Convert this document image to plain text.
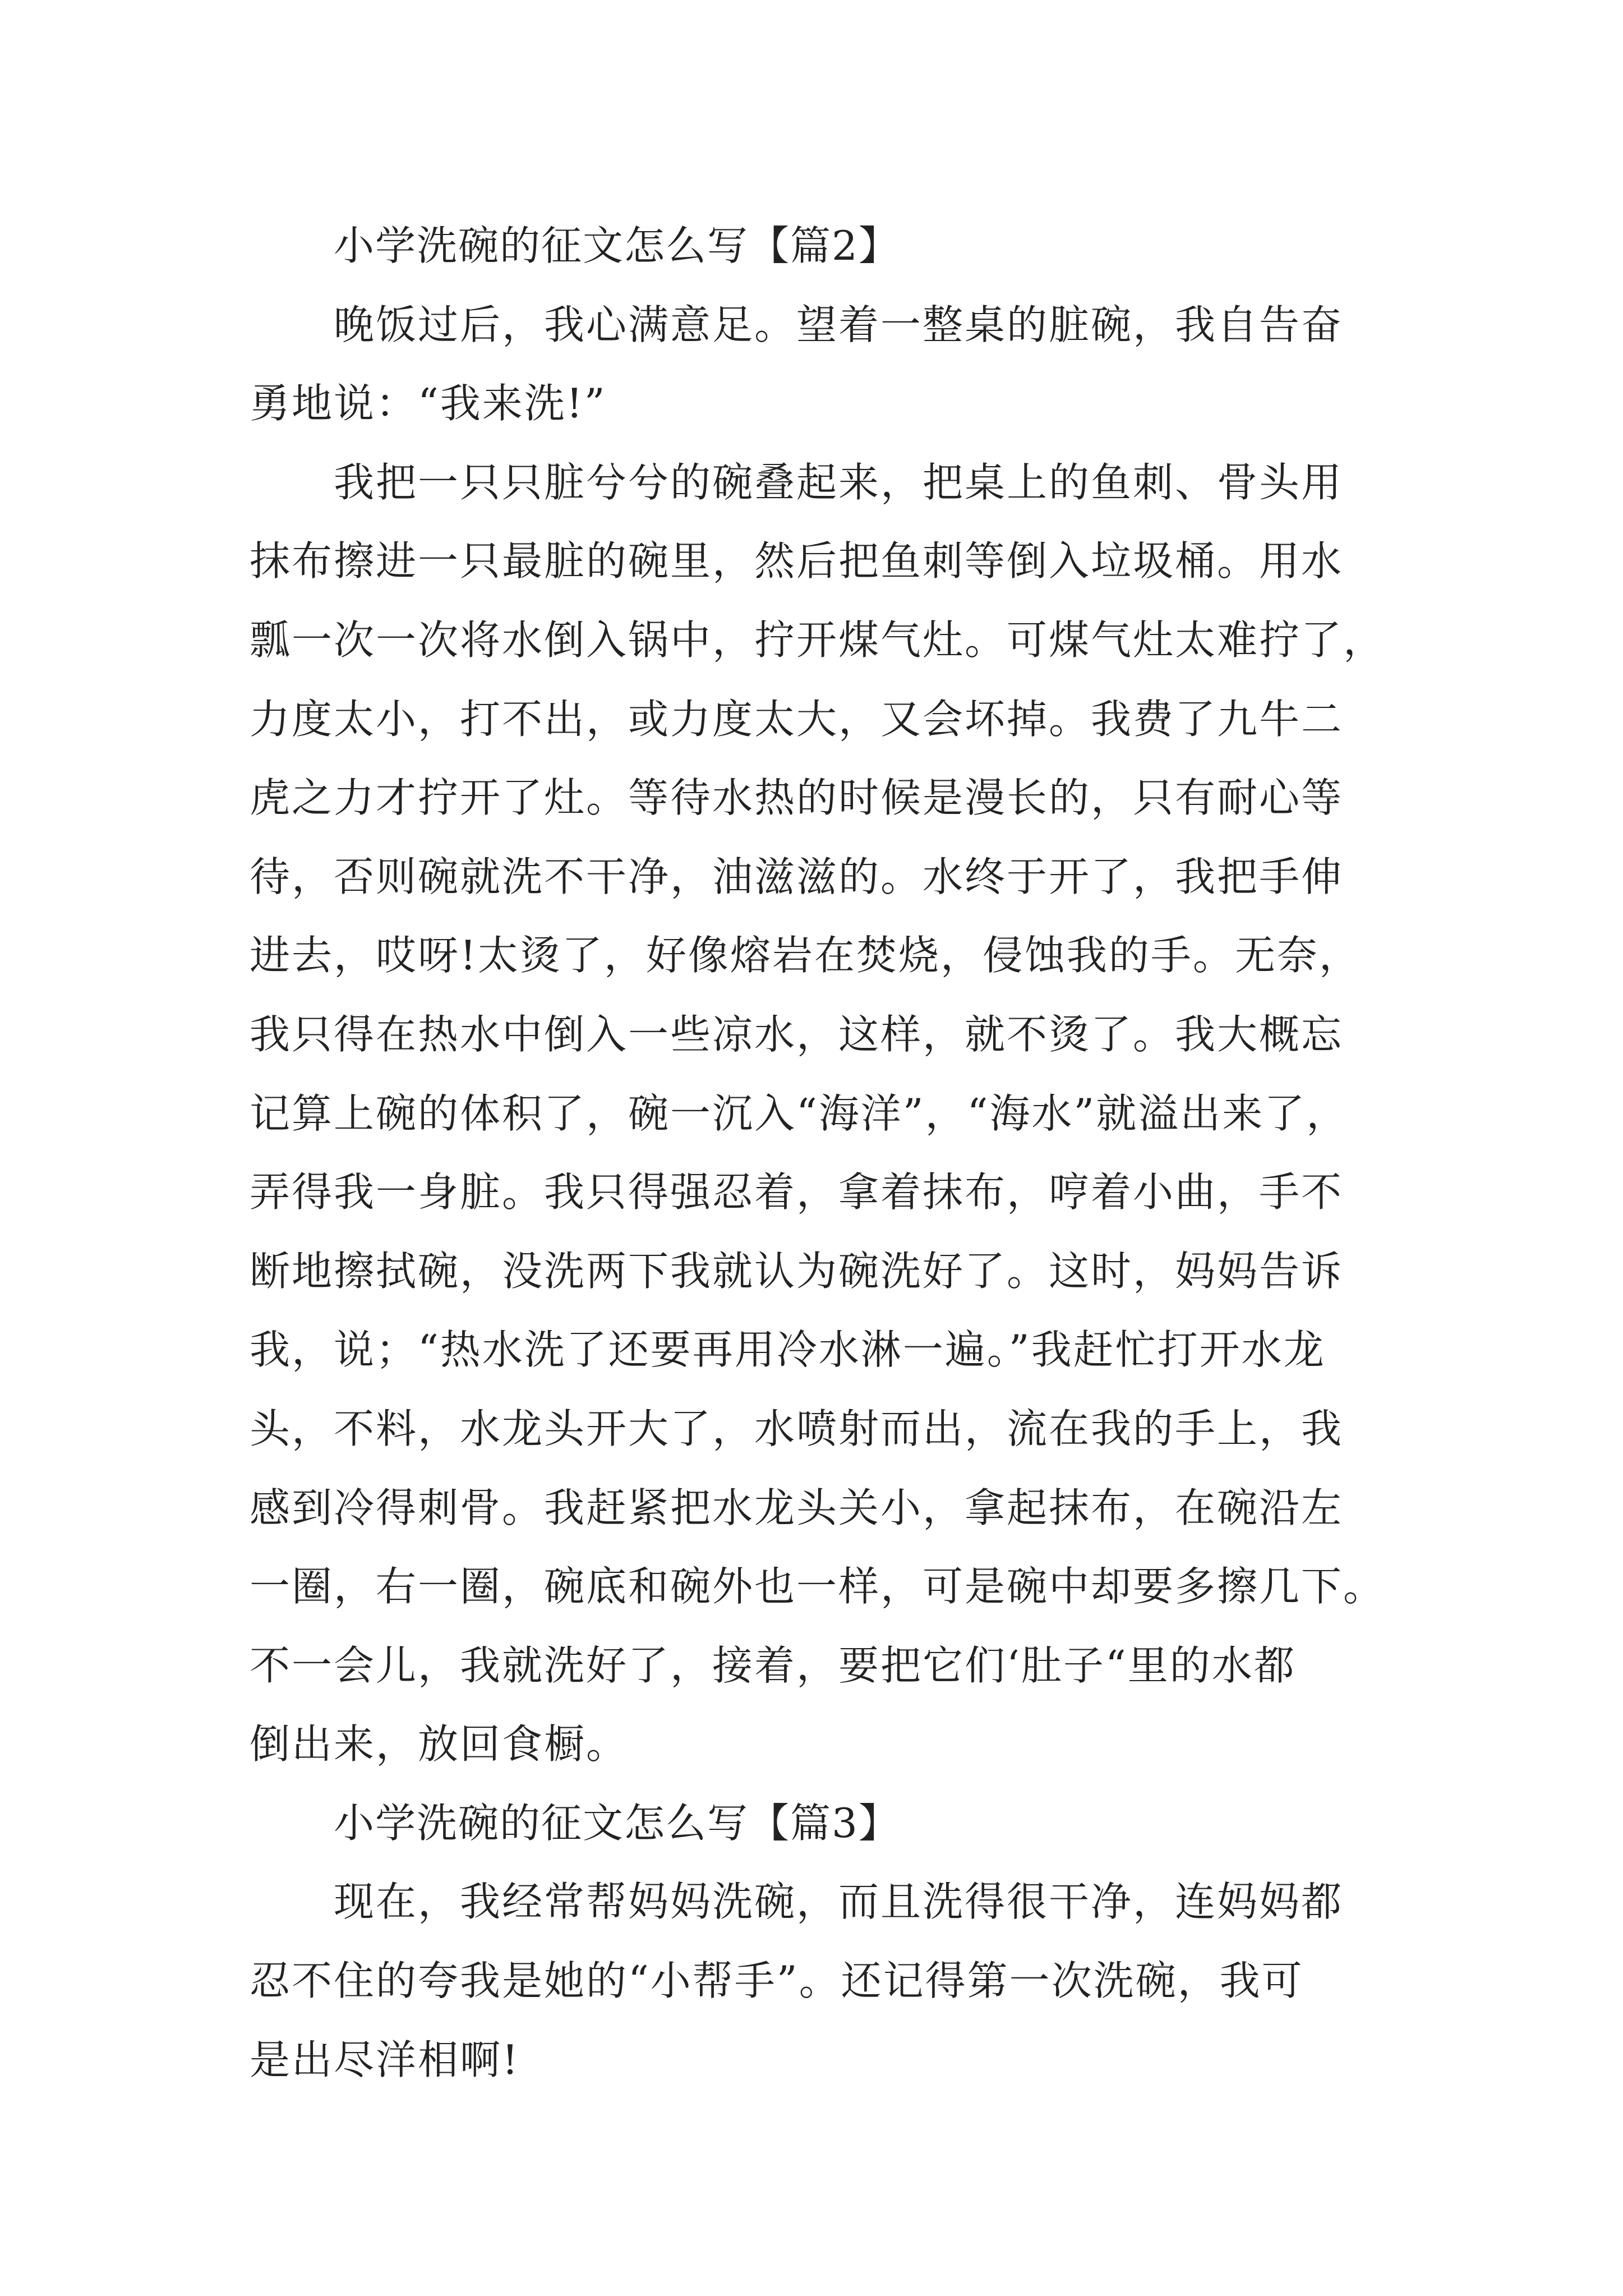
小学洗碗的征文怎么写【篇2】
晚饭过后，我心满意足。望着一整桌的脏碗，我自告奋
勇地说：“我来洗!”
我把一只只脏兮兮的碗叠起来，把桌上的鱼刺、骨头用
抹布擦进一只最脏的碗里，然后把鱼刺等倒入垃圾桶。用水
瓢一次一次将水倒入锅中，拧开煤气灶。可煤气灶太难拧了，
力度太小，打不出，或力度太大，又会坏掉。我费了九牛二
虎之力才拧开了灶。等待水热的时候是漫长的，只有耐心等
待，否则碗就洗不干净，油滋滋的。水终于开了，我把手伸
进去，哎呀!太烫了，好像熔岩在焚烧，侵蚀我的手。无奈，
我只得在热水中倒入一些凉水，这样，就不烫了。我大概忘
记算上碗的体积了，碗一沉入“海洋”，“海水”就溢出来了，
弄得我一身脏。我只得强忍着，拿着抹布，哼着小曲，手不
断地擦拭碗，没洗两下我就认为碗洗好了。这时，妈妈告诉
我，说；“热水洗了还要再用冷水淋一遍。”我赶忙打开水龙
头，不料，水龙头开大了，水喷射而出，流在我的手上，我
感到冷得刺骨。我赶紧把水龙头关小，拿起抹布，在碗沿左
一圈，右一圈，碗底和碗外也一样，可是碗中却要多擦几下。
不一会儿，我就洗好了，接着，要把它们‘肚子“里的水都
倒出来，放回食橱。
小学洗碗的征文怎么写【篇3】
现在，我经常帮妈妈洗碗，而且洗得很干净，连妈妈都
忍不住的夸我是她的“小帮手”。还记得第一次洗碗，我可
是出尽洋相啊!
